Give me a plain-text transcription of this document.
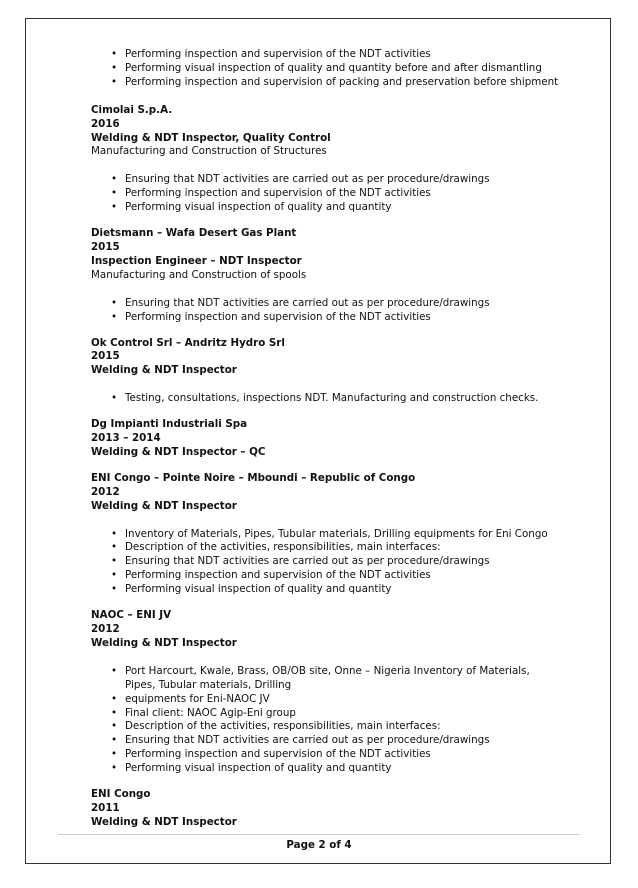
• Performing inspection and supervision of the NDT activities
• Performing visual inspection of quality and quantity before and after dismantling
• Performing inspection and supervision of packing and preservation before shipment
Cimolai S.p.A.
2016
Welding & NDT Inspector, Quality Control
Manufacturing and Construction of Structures
• Ensuring that NDT activities are carried out as per procedure/drawings
• Performing inspection and supervision of the NDT activities
• Performing visual inspection of quality and quantity
Dietsmann – Wafa Desert Gas Plant
2015
Inspection Engineer – NDT Inspector
Manufacturing and Construction of spools
• Ensuring that NDT activities are carried out as per procedure/drawings
• Performing inspection and supervision of the NDT activities
Ok Control Srl – Andritz Hydro Srl
2015
Welding & NDT Inspector
• Testing, consultations, inspections NDT. Manufacturing and construction checks.
Dg Impianti Industriali Spa
2013 – 2014
Welding & NDT Inspector – QC
ENI Congo – Pointe Noire – Mboundi – Republic of Congo
2012
Welding & NDT Inspector
• Inventory of Materials, Pipes, Tubular materials, Drilling equipments for Eni Congo
• Description of the activities, responsibilities, main interfaces:
• Ensuring that NDT activities are carried out as per procedure/drawings
• Performing inspection and supervision of the NDT activities
• Performing visual inspection of quality and quantity
NAOC – ENI JV
2012
Welding & NDT Inspector
• Port Harcourt, Kwale, Brass, OB/OB site, Onne – Nigeria Inventory of Materials, Pipes, Tubular materials, Drilling
• equipments for Eni-NAOC JV
• Final client: NAOC Agip-Eni group
• Description of the activities, responsibilities, main interfaces:
• Ensuring that NDT activities are carried out as per procedure/drawings
• Performing inspection and supervision of the NDT activities
• Performing visual inspection of quality and quantity
ENI Congo
2011
Welding & NDT Inspector
Page 2 of 4
